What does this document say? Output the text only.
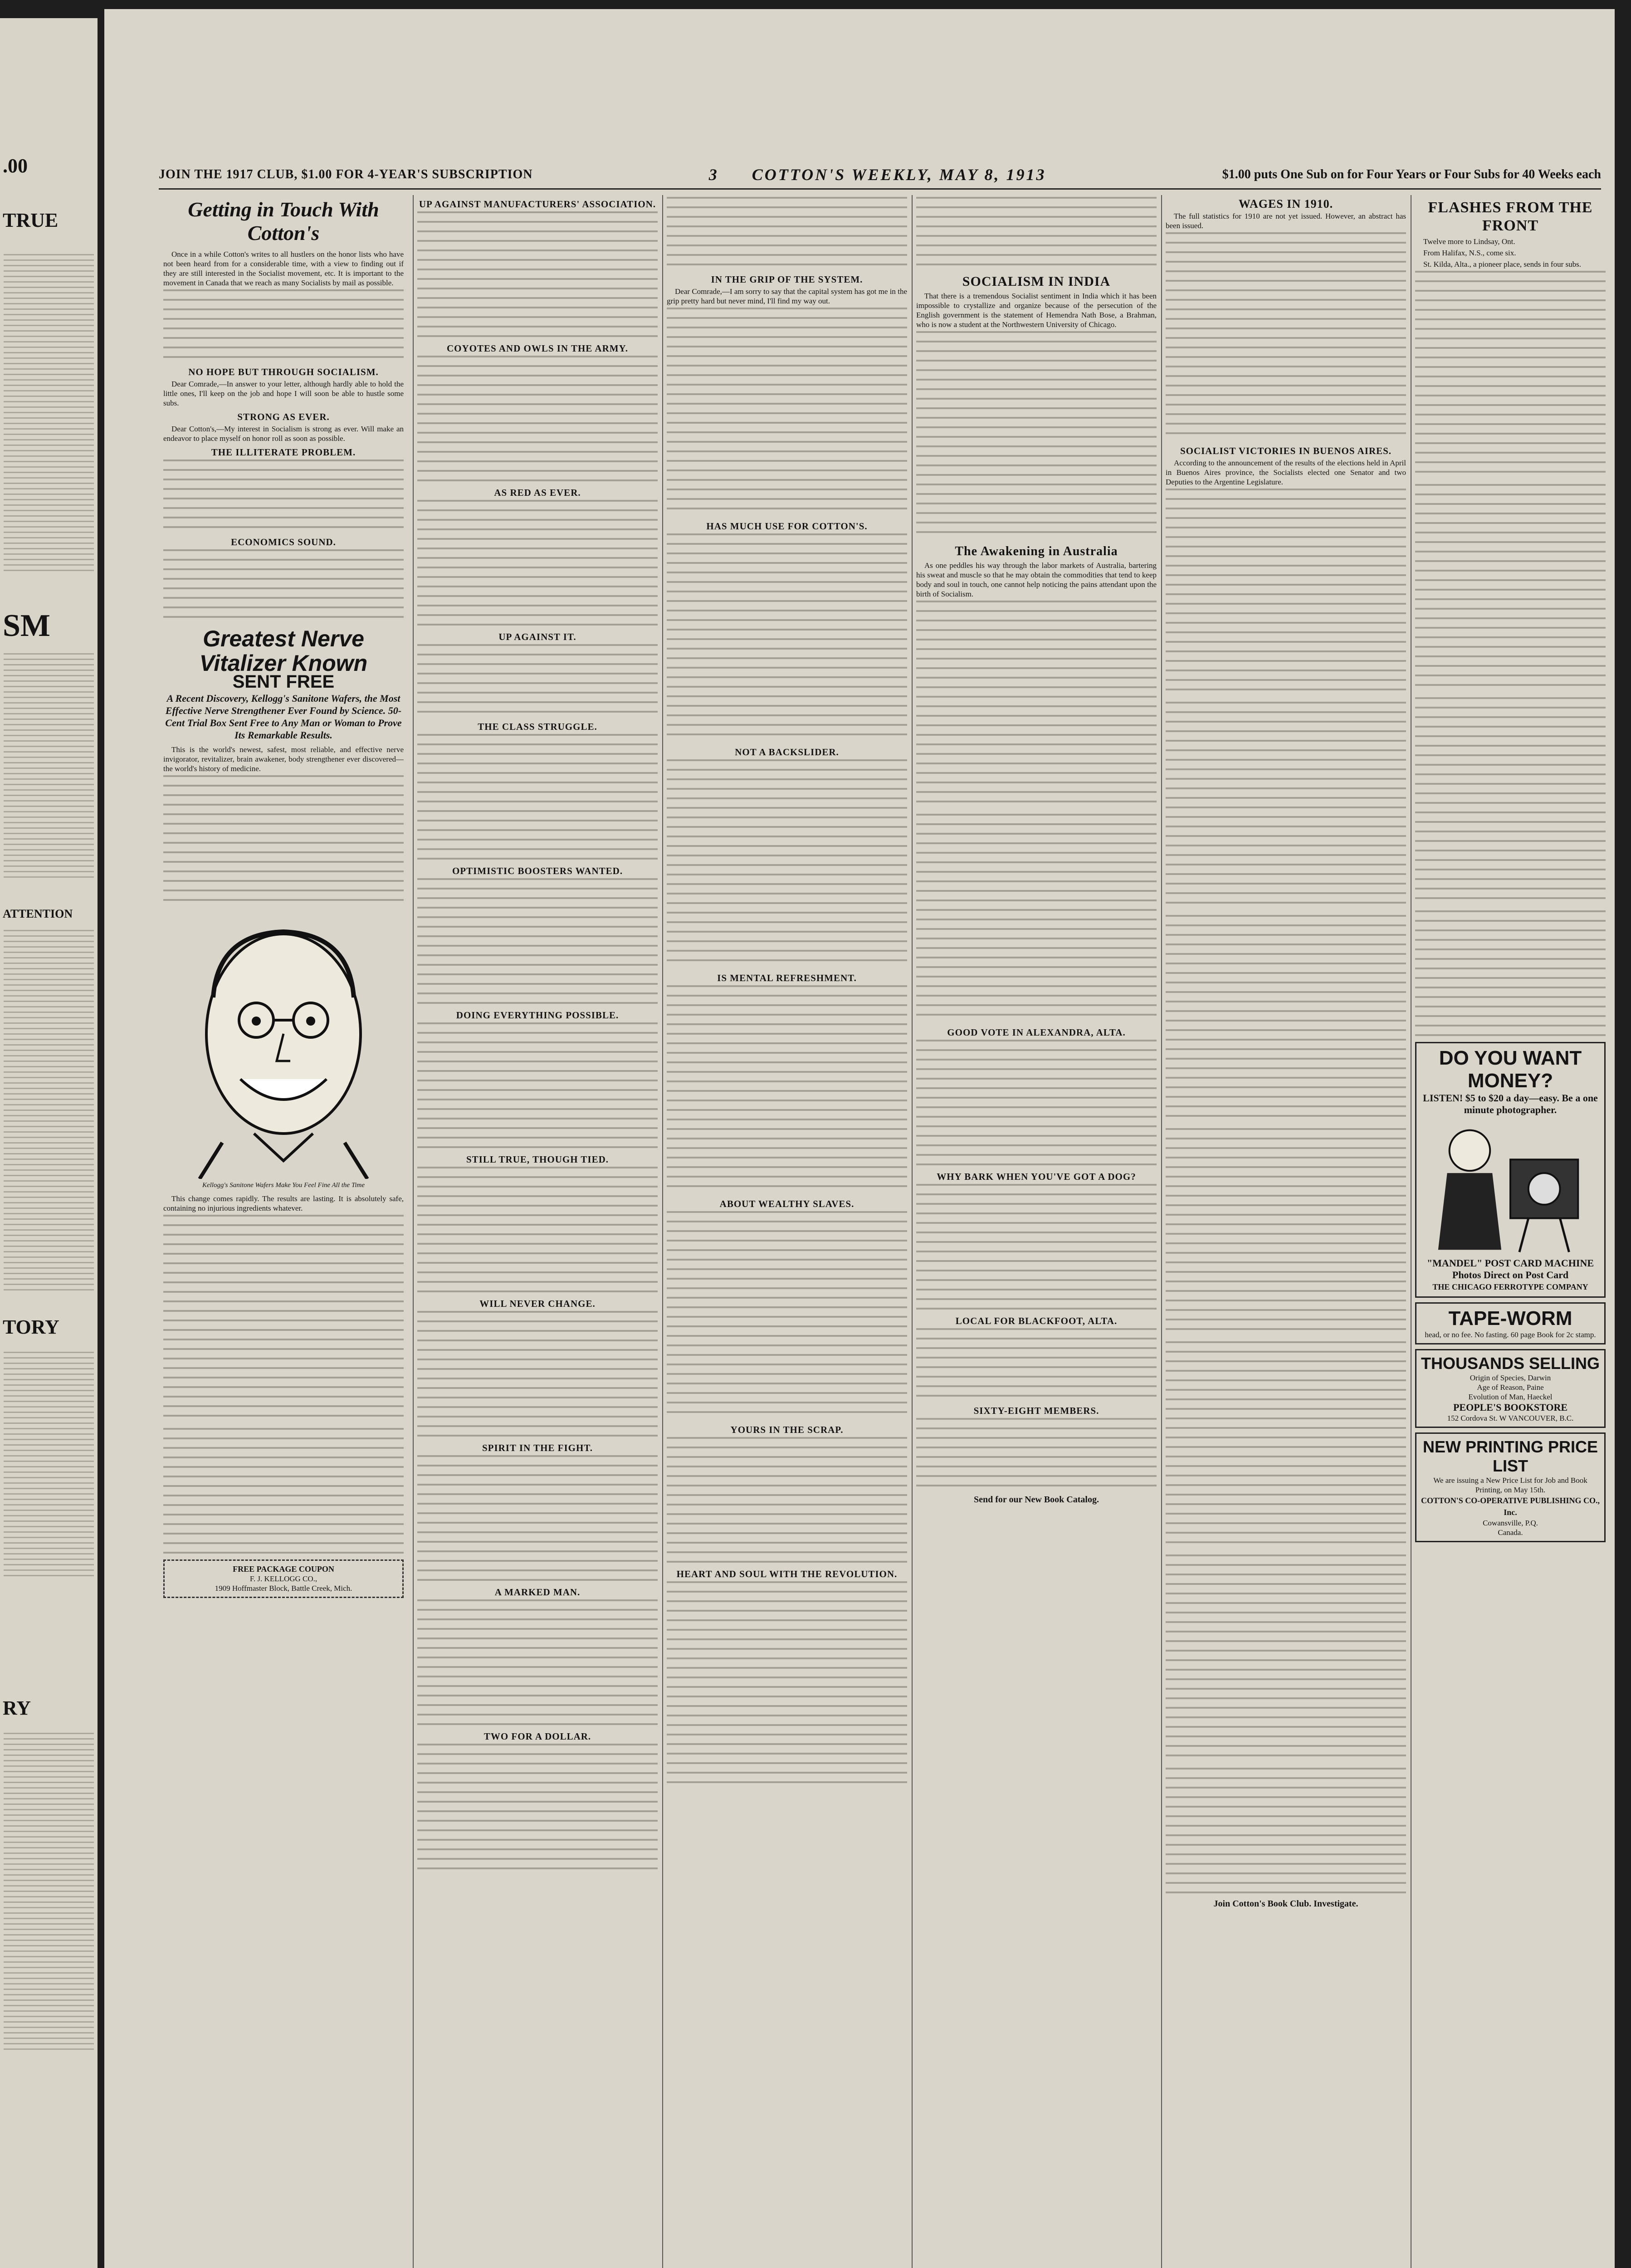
.00
TRUE
SM
ATTENTION
TORY
RY
JOIN THE 1917 CLUB, $1.00 FOR 4-YEAR'S SUBSCRIPTION	3 COTTON'S WEEKLY, MAY 8, 1913	$1.00 puts One Sub on for Four Years or Four Subs for 40 Weeks each
Getting in Touch With Cotton's

Once in a while Cotton's writes to all hustlers on the honor lists who have not been heard from for a considerable time, with a view to finding out if they are still interested in the Socialist movement, etc. It is important to the movement in Canada that we reach as many Socialists by mail as possible.

NO HOPE BUT THROUGH SOCIALISM.

Dear Comrade,—In answer to your letter, although hardly able to hold the little ones, I'll keep on the job and hope I will soon be able to hustle some subs.

STRONG AS EVER.

Dear Cotton's,—My interest in Socialism is strong as ever. Will make an endeavor to place myself on honor roll as soon as possible.

THE ILLITERATE PROBLEM.
ECONOMICS SOUND.
Greatest Nerve Vitalizer Known
SENT FREE
A Recent Discovery, Kellogg's Sanitone Wafers, the Most Effective Nerve Strengthener Ever Found by Science. 50-Cent Trial Box Sent Free to Any Man or Woman to Prove Its Remarkable Results.

This is the world's newest, safest, most reliable, and effective nerve invigorator, revitalizer, brain awakener, body strengthener ever discovered—the world's history of medicine.

Kellogg's Sanitone Wafers Make You Feel Fine All the Time

This change comes rapidly. The results are lasting. It is absolutely safe, containing no injurious ingredients whatever.

FREE PACKAGE COUPON
F. J. KELLOGG CO.,
1909 Hoffmaster Block, Battle Creek, Mich.
UP AGAINST MANUFACTURERS' ASSOCIATION.
COYOTES AND OWLS IN THE ARMY.
AS RED AS EVER.
UP AGAINST IT.
THE CLASS STRUGGLE.
OPTIMISTIC BOOSTERS WANTED.
DOING EVERYTHING POSSIBLE.
STILL TRUE, THOUGH TIED.
WILL NEVER CHANGE.
SPIRIT IN THE FIGHT.
A MARKED MAN.
TWO FOR A DOLLAR.
IN THE GRIP OF THE SYSTEM.

Dear Comrade,—I am sorry to say that the capital system has got me in the grip pretty hard but never mind, I'll find my way out.

HAS MUCH USE FOR COTTON'S.
NOT A BACKSLIDER.
IS MENTAL REFRESHMENT.
ABOUT WEALTHY SLAVES.
YOURS IN THE SCRAP.
HEART AND SOUL WITH THE REVOLUTION.
SOCIALISM IN INDIA

That there is a tremendous Socialist sentiment in India which it has been impossible to crystallize and organize because of the persecution of the English government is the statement of Hemendra Nath Bose, a Brahman, who is now a student at the Northwestern University of Chicago.

The Awakening in Australia

As one peddles his way through the labor markets of Australia, bartering his sweat and muscle so that he may obtain the commodities that tend to keep body and soul in touch, one cannot help noticing the pains attendant upon the birth of Socialism.

GOOD VOTE IN ALEXANDRA, ALTA.
WHY BARK WHEN YOU'VE GOT A DOG?
LOCAL FOR BLACKFOOT, ALTA.
SIXTY-EIGHT MEMBERS.
Send for our New Book Catalog.
WAGES IN 1910.

The full statistics for 1910 are not yet issued. However, an abstract has been issued.

SOCIALIST VICTORIES IN BUENOS AIRES.

According to the announcement of the results of the elections held in April in Buenos Aires province, the Socialists elected one Senator and two Deputies to the Argentine Legislature.

Join Cotton's Book Club. Investigate.
FLASHES FROM THE FRONT

Twelve more to Lindsay, Ont.

From Halifax, N.S., come six.

St. Kilda, Alta., a pioneer place, sends in four subs.

DO YOU WANT MONEY?
LISTEN! $5 to $20 a day—easy. Be a one minute photographer.
"MANDEL" POST CARD MACHINE
Photos Direct on Post Card
THE CHICAGO FERROTYPE COMPANY
TAPE-WORM
head, or no fee. No fasting. 60 page Book for 2c stamp.
THOUSANDS SELLING
Origin of Species, Darwin
Age of Reason, Paine
Evolution of Man, Haeckel
PEOPLE'S BOOKSTORE
152 Cordova St. W VANCOUVER, B.C.
NEW PRINTING PRICE LIST
We are issuing a New Price List for Job and Book Printing, on May 15th.
COTTON'S CO-OPERATIVE PUBLISHING CO., Inc.
Cowansville, P.Q.
Canada.
